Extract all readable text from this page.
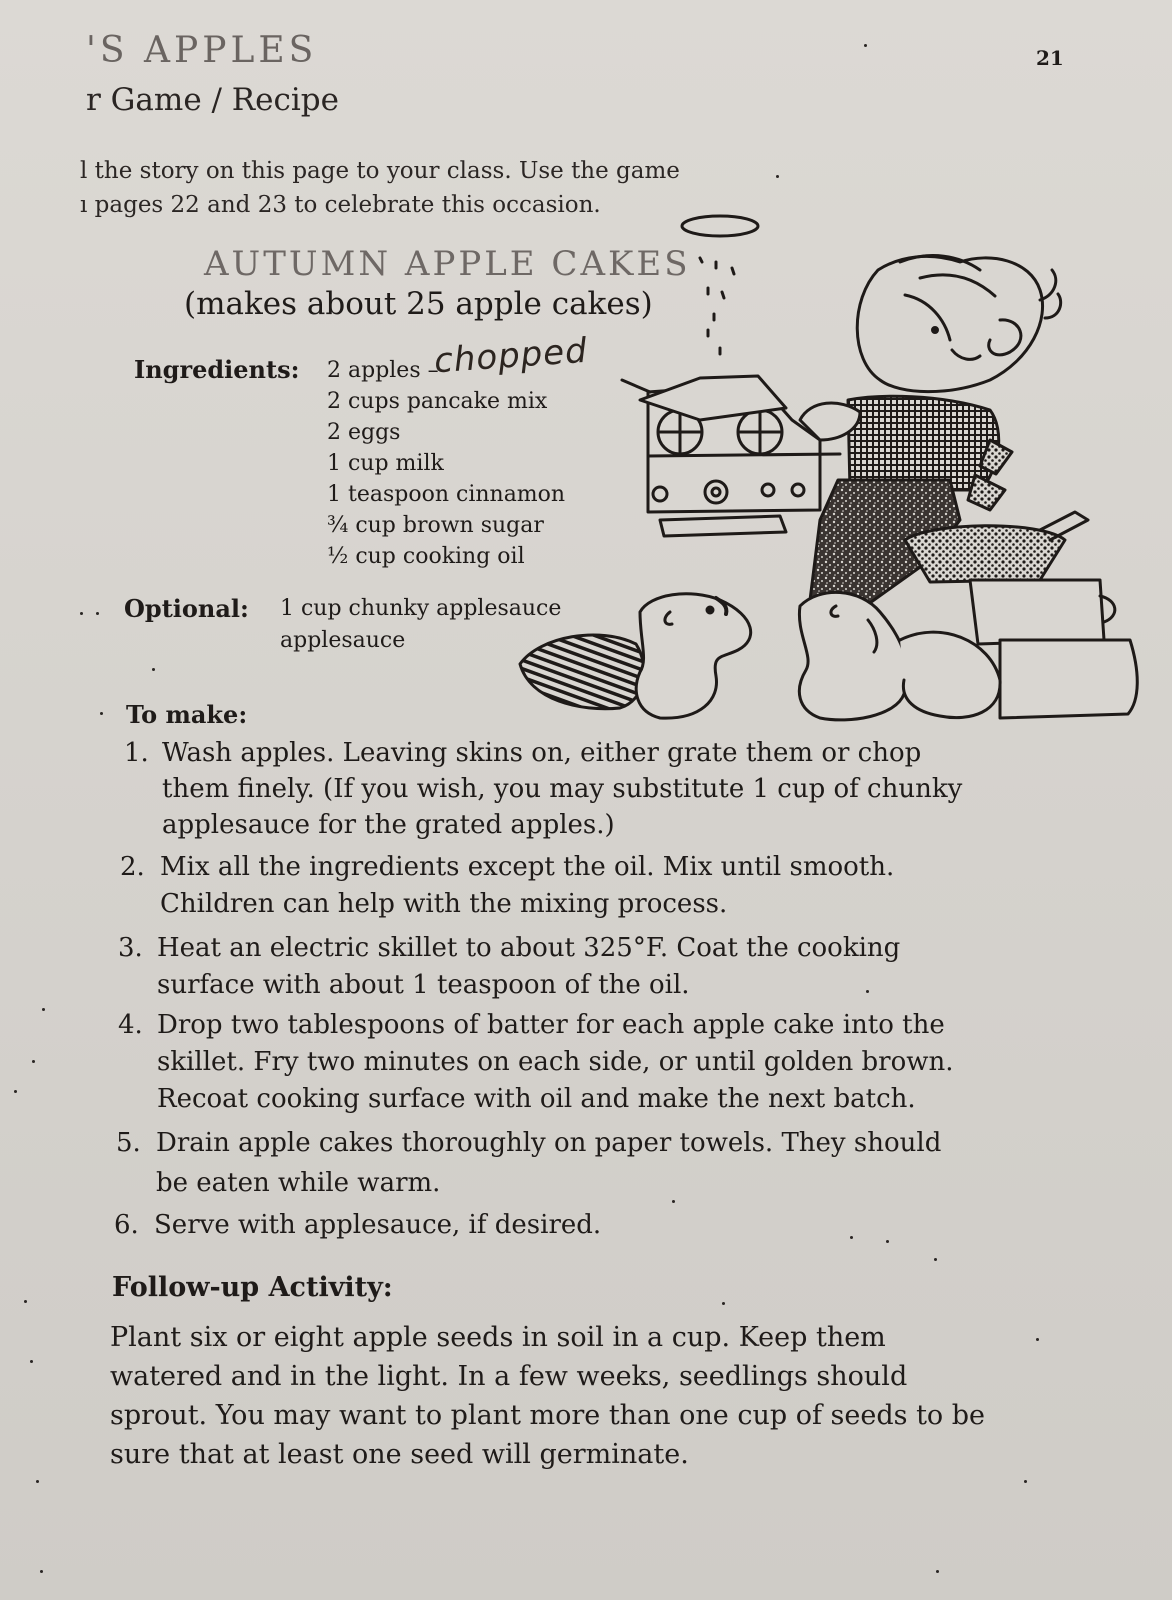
'S APPLES	21
r Game / Recipe
l the story on this page to your class. Use the game
ı pages 22 and 23 to celebrate this occasion.
AUTUMN APPLE CAKES
(makes about 25 apple cakes)
Ingredients: 2 apples –
chopped
2 cups pancake mix
2 eggs
1 cup milk
1 teaspoon cinnamon
¾ cup brown sugar
½ cup cooking oil
Optional: 1 cup chunky applesauce
applesauce
To make:
1. Wash apples. Leaving skins on, either grate them or chop
them finely. (If you wish, you may substitute 1 cup of chunky
applesauce for the grated apples.)
2. Mix all the ingredients except the oil. Mix until smooth.
Children can help with the mixing process.
3. Heat an electric skillet to about 325°F. Coat the cooking
surface with about 1 teaspoon of the oil.
4. Drop two tablespoons of batter for each apple cake into the
skillet. Fry two minutes on each side, or until golden brown.
Recoat cooking surface with oil and make the next batch.
5. Drain apple cakes thoroughly on paper towels. They should
be eaten while warm.
6. Serve with applesauce, if desired.
Follow-up Activity:
Plant six or eight apple seeds in soil in a cup. Keep them
watered and in the light. In a few weeks, seedlings should
sprout. You may want to plant more than one cup of seeds to be
sure that at least one seed will germinate.
